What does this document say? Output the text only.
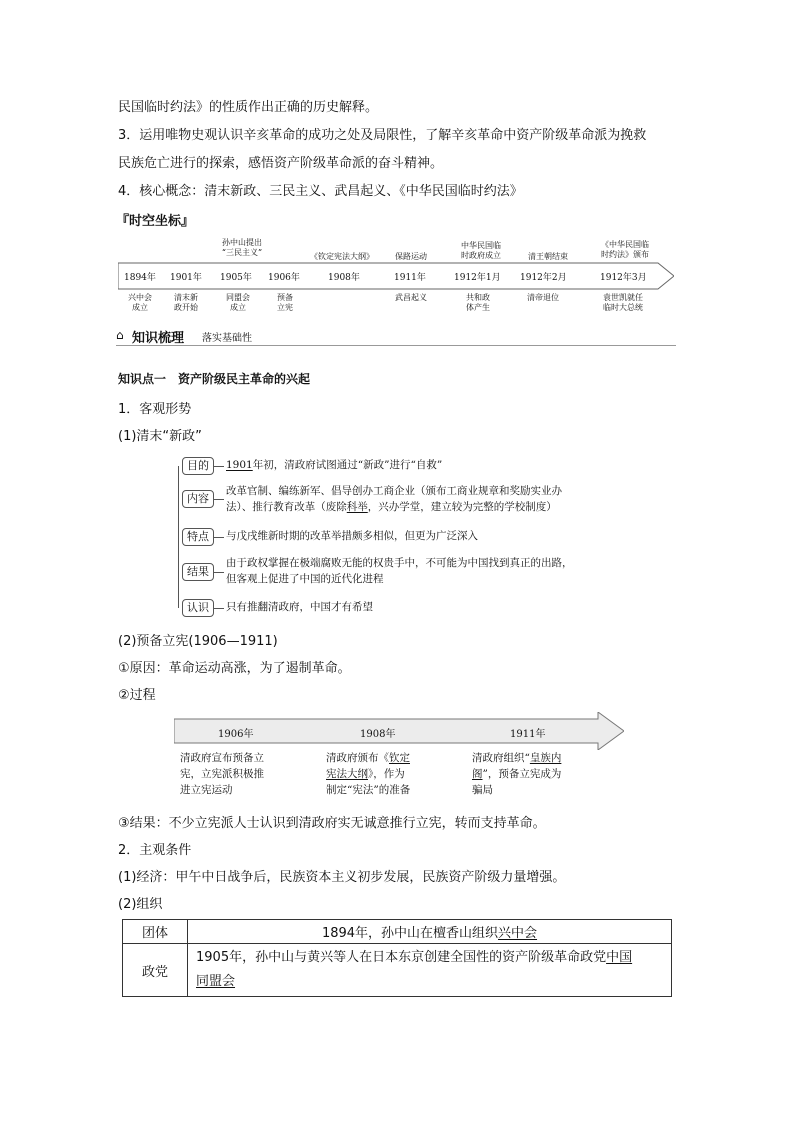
民国临时约法》的性质作出正确的历史解释。
3．运用唯物史观认识辛亥革命的成功之处及局限性，了解辛亥革命中资产阶级革命派为挽救
民族危亡进行的探索，感悟资产阶级革命派的奋斗精神。
4．核心概念：清末新政、三民主义、武昌起义、《中华民国临时约法》
『时空坐标』
1894年 1901年 1905年 1906年	1908年	1911年	1912年1月 1912年2月	1912年3月
孙中山提出
“三民主义”	《钦定宪法大纲》	保路运动
中华民国临
时政府成立	清王朝结束
《中华民国临
时约法》颁布
兴中会
成立
清末新
政开始
同盟会
成立
预备
立宪
武昌起义	共和政
体产生
清帝退位	袁世凯就任
临时大总统
⌂ 知识梳理 落实基础性
知识点一　资产阶级民主革命的兴起
1．客观形势
(1)清末“新政”
目的	1901年初，清政府试图通过“新政”进行“自救”
内容
改革官制、编练新军、倡导创办工商企业（颁布工商业规章和奖励实业办
法）、推行教育改革（废除科举，兴办学堂，建立较为完整的学校制度）
特点	与戊戌维新时期的改革举措颇多相似，但更为广泛深入
结果
由于政权掌握在极端腐败无能的权贵手中，不可能为中国找到真正的出路，
但客观上促进了中国的近代化进程
认识	只有推翻清政府，中国才有希望
(2)预备立宪(1906—1911)
①原因：革命运动高涨，为了遏制革命。
②过程
1906年	1908年	1911年
清政府宣布预备立
宪，立宪派积极推
进立宪运动
清政府颁布《钦定
宪法大纲》，作为
制定“宪法”的准备
清政府组织“皇族内
阁”，预备立宪成为
骗局
③结果：不少立宪派人士认识到清政府实无诚意推行立宪，转而支持革命。
2．主观条件
(1)经济：甲午中日战争后，民族资本主义初步发展，民族资产阶级力量增强。
(2)组织
团体	1894年，孙中山在檀香山组织兴中会
政党	1905年，孙中山与黄兴等人在日本东京创建全国性的资产阶级革命政党中国
同盟会
